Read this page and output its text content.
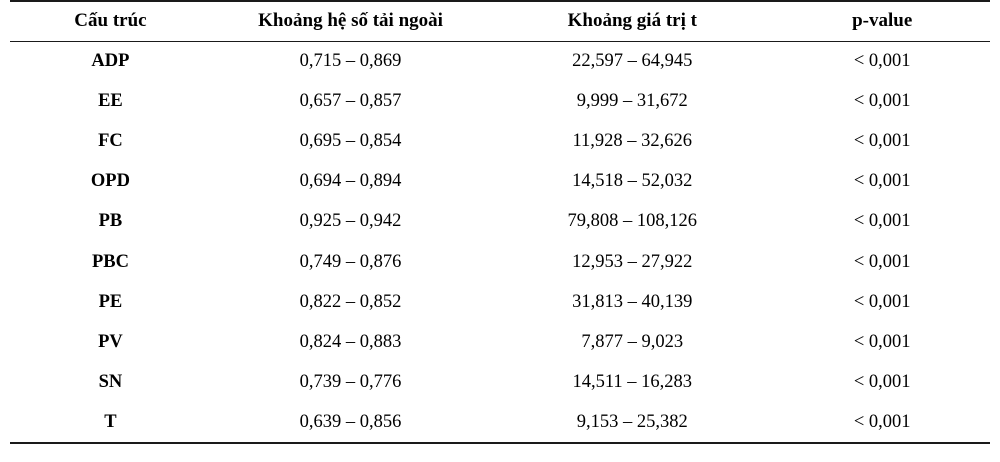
Cấu trúc	Khoảng hệ số tải ngoài	Khoảng giá trị t	p-value
ADP	0,715 – 0,869	22,597 – 64,945	< 0,001
EE	0,657 – 0,857	9,999 – 31,672	< 0,001
FC	0,695 – 0,854	11,928 – 32,626	< 0,001
OPD	0,694 – 0,894	14,518 – 52,032	< 0,001
PB	0,925 – 0,942	79,808 – 108,126	< 0,001
PBC	0,749 – 0,876	12,953 – 27,922	< 0,001
PE	0,822 – 0,852	31,813 – 40,139	< 0,001
PV	0,824 – 0,883	7,877 – 9,023	< 0,001
SN	0,739 – 0,776	14,511 – 16,283	< 0,001
T	0,639 – 0,856	9,153 – 25,382	< 0,001
